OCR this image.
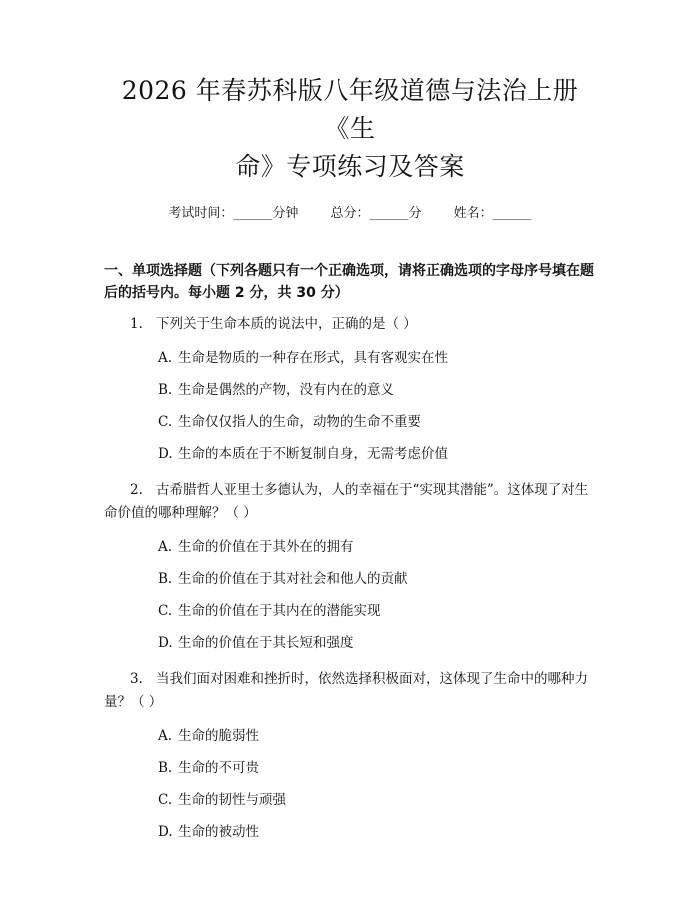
2026 年春苏科版八年级道德与法治上册《生
命》专项练习及答案
考试时间：______分钟 总分：______分 姓名：______
一、单项选择题（下列各题只有一个正确选项，请将正确选项的字母序号填在题后的括号内。每小题 2 分，共 30 分）
1. 下列关于生命本质的说法中，正确的是（ ）
A. 生命是物质的一种存在形式，具有客观实在性
B. 生命是偶然的产物，没有内在的意义
C. 生命仅仅指人的生命，动物的生命不重要
D. 生命的本质在于不断复制自身，无需考虑价值
2. 古希腊哲人亚里士多德认为，人的幸福在于“实现其潜能”。这体现了对生命价值的哪种理解？（ ）
A. 生命的价值在于其外在的拥有
B. 生命的价值在于其对社会和他人的贡献
C. 生命的价值在于其内在的潜能实现
D. 生命的价值在于其长短和强度
3. 当我们面对困难和挫折时，依然选择积极面对，这体现了生命中的哪种力量？（ ）
A. 生命的脆弱性
B. 生命的不可贵
C. 生命的韧性与顽强
D. 生命的被动性
